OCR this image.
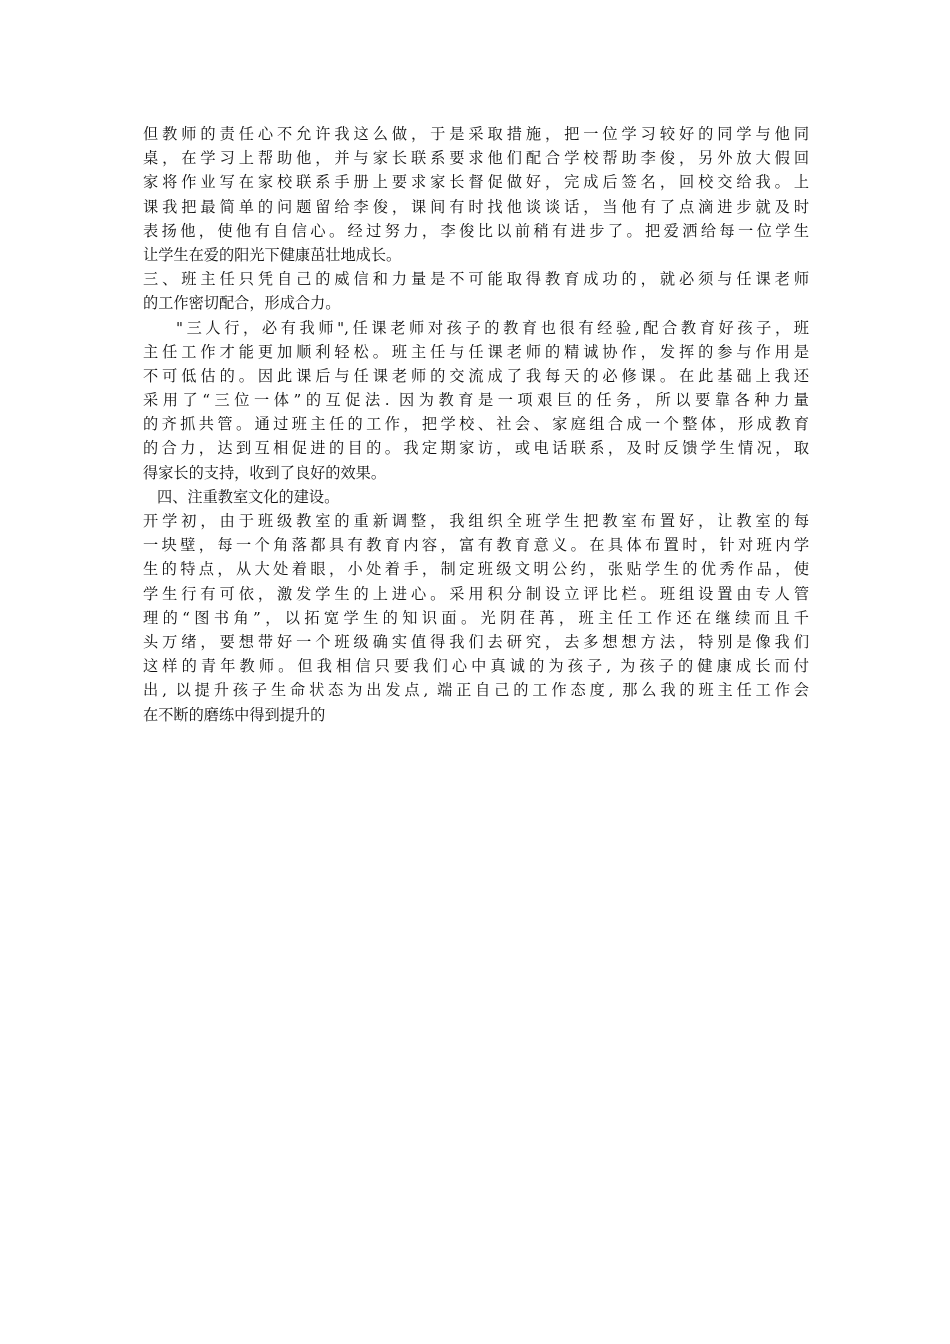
但教师的责任心不允许我这么做，于是采取措施，把一位学习较好的同学与他同
桌，在学习上帮助他，并与家长联系要求他们配合学校帮助李俊，另外放大假回
家将作业写在家校联系手册上要求家长督促做好，完成后签名，回校交给我。上
课我把最简单的问题留给李俊，课间有时找他谈谈话，当他有了点滴进步就及时
表扬他，使他有自信心。经过努力，李俊比以前稍有进步了。把爱洒给每一位学生
让学生在爱的阳光下健康茁壮地成长。
三、班主任只凭自己的威信和力量是不可能取得教育成功的，就必须与任课老师
的工作密切配合，形成合力。
"三人行，必有我师",任课老师对孩子的教育也很有经验,配合教育好孩子，班
主任工作才能更加顺利轻松。班主任与任课老师的精诚协作，发挥的参与作用是
不可低估的。因此课后与任课老师的交流成了我每天的必修课。在此基础上我还
采用了“三位一体”的互促法. 因为教育是一项艰巨的任务，所以要靠各种力量
的齐抓共管。通过班主任的工作，把学校、社会、家庭组合成一个整体，形成教育
的合力，达到互相促进的目的。我定期家访，或电话联系，及时反馈学生情况，取
得家长的支持，收到了良好的效果。
四、注重教室文化的建设。
开学初，由于班级教室的重新调整，我组织全班学生把教室布置好，让教室的每
一块壁，每一个角落都具有教育内容，富有教育意义。在具体布置时，针对班内学
生的特点，从大处着眼，小处着手，制定班级文明公约，张贴学生的优秀作品，使
学生行有可依，激发学生的上进心。采用积分制设立评比栏。班组设置由专人管
理的“图书角”，以拓宽学生的知识面。光阴荏苒，班主任工作还在继续而且千
头万绪，要想带好一个班级确实值得我们去研究，去多想想方法，特别是像我们
这样的青年教师。但我相信只要我们心中真诚的为孩子, 为孩子的健康成长而付
出, 以提升孩子生命状态为出发点, 端正自己的工作态度, 那么我的班主任工作会
在不断的磨练中得到提升的
